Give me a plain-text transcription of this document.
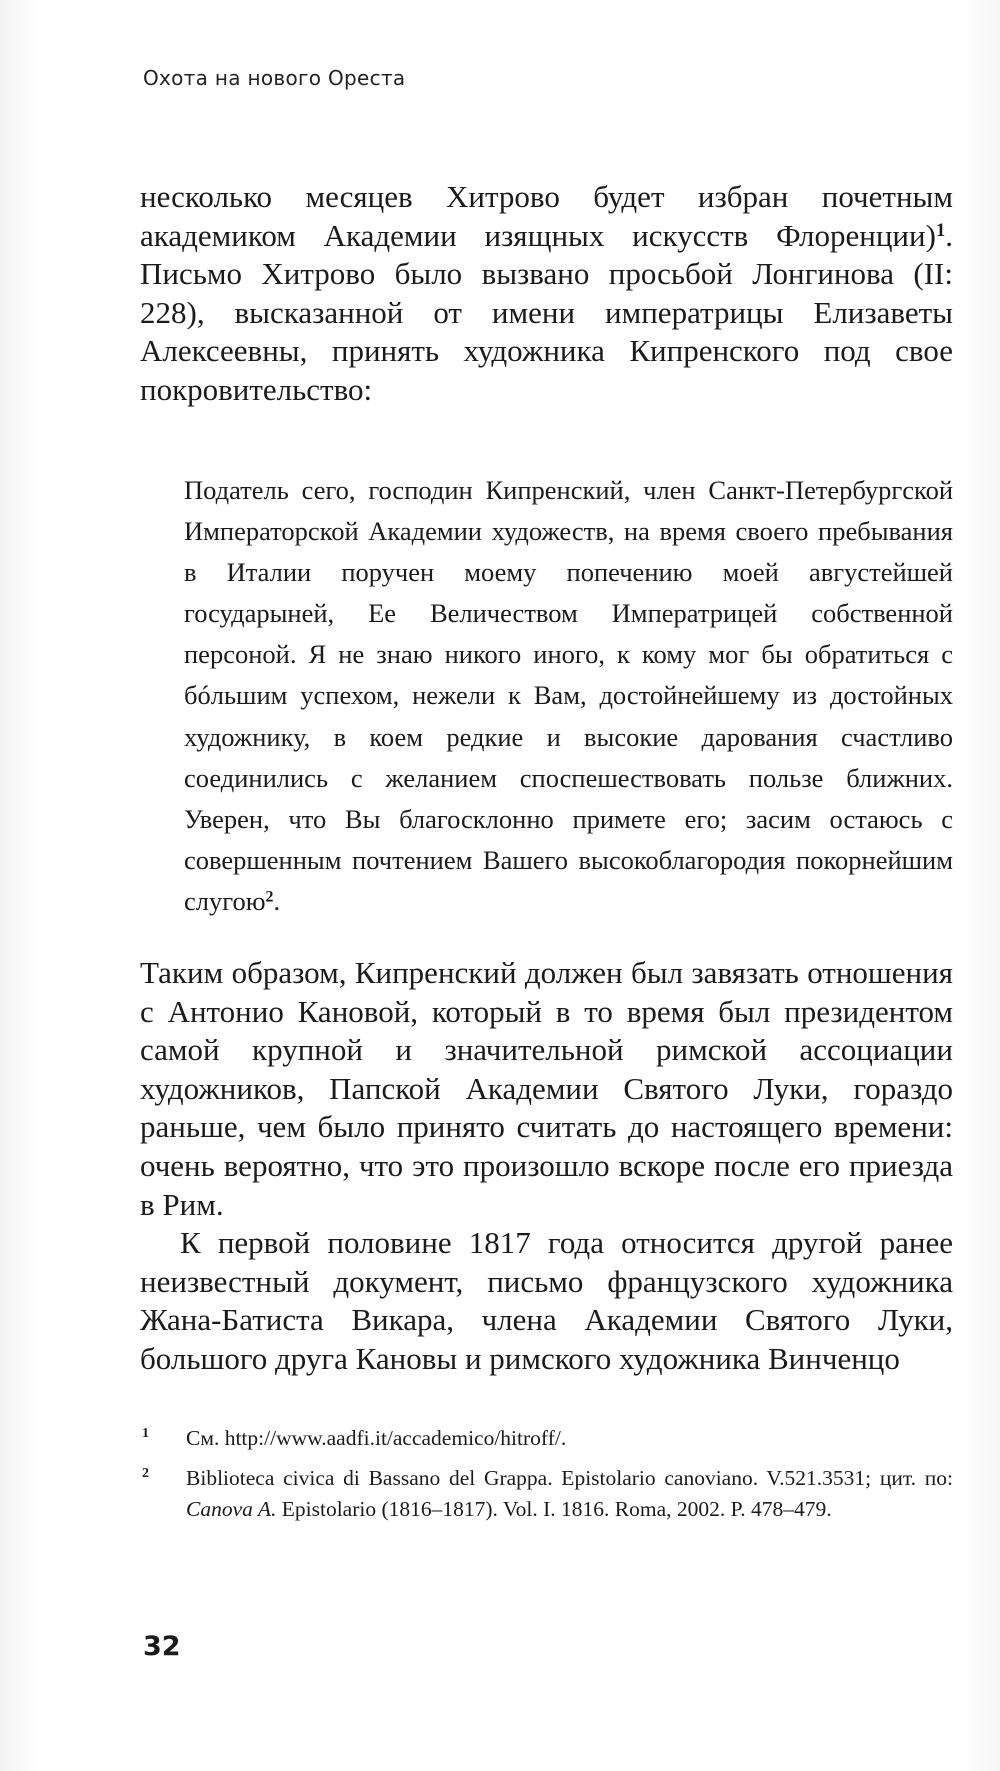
Охота на нового Ореста

несколько месяцев Хитрово будет избран почетным академиком Академии изящных искусств Флоренции)$^1$. Письмо Хитрово было вызвано просьбой Лонгинова (II: 228), высказанной от имени императрицы Елизаветы Алексеевны, принять художника Кипренского под свое покровительство:

Податель сего, господин Кипренский, член Санкт-Петербургской Императорской Академии художеств, на время своего пребывания в Италии поручен моему попечению моей августейшей государыней, Ее Величеством Императрицей собственной персоной. Я не знаю никого иного, к кому мог бы обратиться с бóльшим успехом, нежели к Вам, достойнейшему из достойных художнику, в коем редкие и высокие дарования счастливо соединились с желанием споспешествовать пользе ближних. Уверен, что Вы благосклонно примете его; засим остаюсь с совершенным почтением Вашего высокоблагородия покорнейшим слугою$^2$.

Таким образом, Кипренский должен был завязать отношения с Антонио Кановой, который в то время был президентом самой крупной и значительной римской ассоциации художников, Папской Академии Святого Луки, гораздо раньше, чем было принято считать до настоящего времени: очень вероятно, что это произошло вскоре после его приезда в Рим.

К первой половине 1817 года относится другой ранее неизвестный документ, письмо французского художника Жана-Батиста Викара, члена Академии Святого Луки, большого друга Кановы и римского художника Винченцо

1 См. http://www.aadfi.it/accademico/hitroff/.
2 Biblioteca civica di Bassano del Grappa. Epistolario canoviano. V.521.3531; цит. по: Canova A. Epistolario (1816–1817). Vol. I. 1816. Roma, 2002. P. 478–479.
32
